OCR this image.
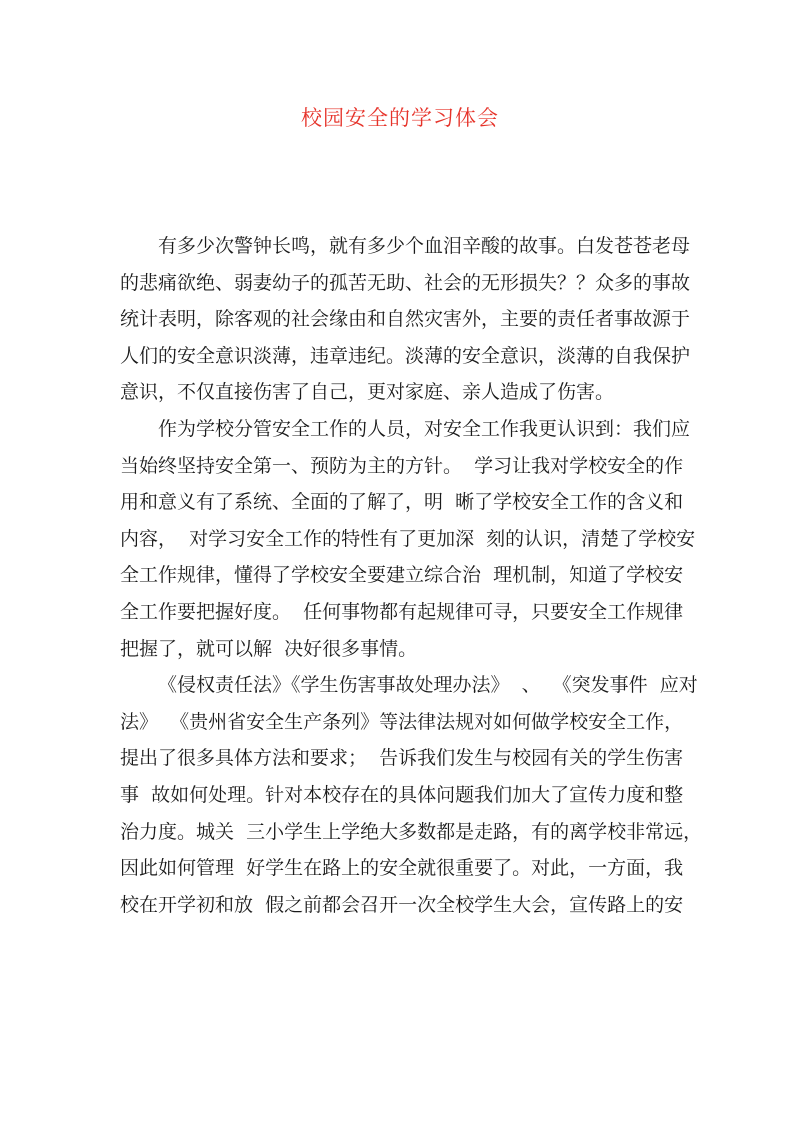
校园安全的学习体会
有多少次警钟长鸣，就有多少个血泪辛酸的故事。白发苍苍老母
的悲痛欲绝、弱妻幼子的孤苦无助、社会的无形损失？？众多的事故
统计表明，除客观的社会缘由和自然灾害外，主要的责任者事故源于
人们的安全意识淡薄，违章违纪。淡薄的安全意识，淡薄的自我保护
意识，不仅直接伤害了自己，更对家庭、亲人造成了伤害。
作为学校分管安全工作的人员，对安全工作我更认识到：我们应
当始终坚持安全第一、预防为主的方针。  学习让我对学校安全的作
用和意义有了系统、全面的了解了，明  晰了学校安全工作的含义和
内容，  对学习安全工作的特性有了更加深  刻的认识，清楚了学校安
全工作规律，懂得了学校安全要建立综合治  理机制，知道了学校安
全工作要把握好度。  任何事物都有起规律可寻，只要安全工作规律
把握了，就可以解  决好很多事情。
《侵权责任法》《学生伤害事故处理办法》  、  《突发事件  应对
法》  《贵州省安全生产条列》等法律法规对如何做学校安全工作，
提出了很多具体方法和要求；  告诉我们发生与校园有关的学生伤害
事  故如何处理。针对本校存在的具体问题我们加大了宣传力度和整
治力度。城关  三小学生上学绝大多数都是走路，有的离学校非常远，
因此如何管理  好学生在路上的安全就很重要了。对此，一方面，我
校在开学初和放  假之前都会召开一次全校学生大会，宣传路上的安
